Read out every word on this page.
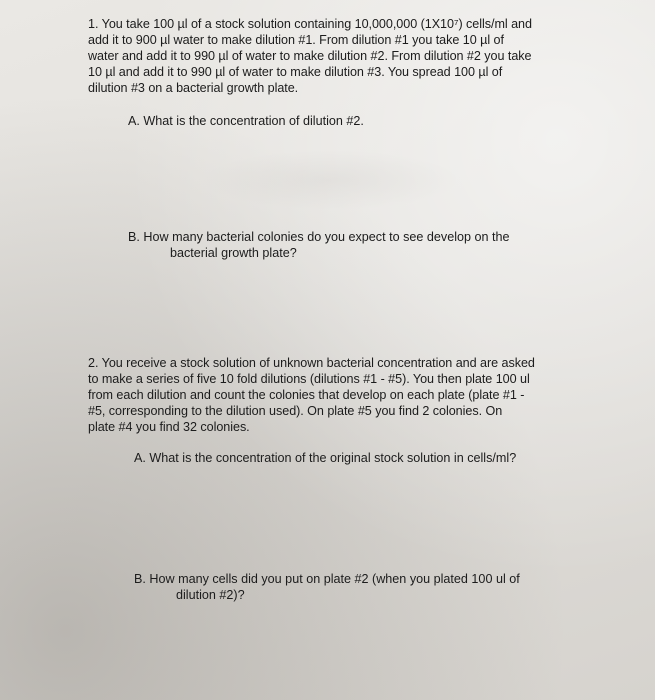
1. You take 100 µl of a stock solution containing 10,000,000 (1X10⁷) cells/ml and
add it to 900 µl water to make dilution #1. From dilution #1 you take 10 µl of
water and add it to 990 µl of water to make dilution #2. From dilution #2 you take
10 µl and add it to 990 µl of water to make dilution #3. You spread 100 µl of
dilution #3 on a bacterial growth plate.
A. What is the concentration of dilution #2.
B. How many bacterial colonies do you expect to see develop on the
bacterial growth plate?
2. You receive a stock solution of unknown bacterial concentration and are asked
to make a series of five 10 fold dilutions (dilutions #1 - #5). You then plate 100 ul
from each dilution and count the colonies that develop on each plate (plate #1 -
#5, corresponding to the dilution used). On plate #5 you find 2 colonies. On
plate #4 you find 32 colonies.
A. What is the concentration of the original stock solution in cells/ml?
B. How many cells did you put on plate #2 (when you plated 100 ul of
dilution #2)?
